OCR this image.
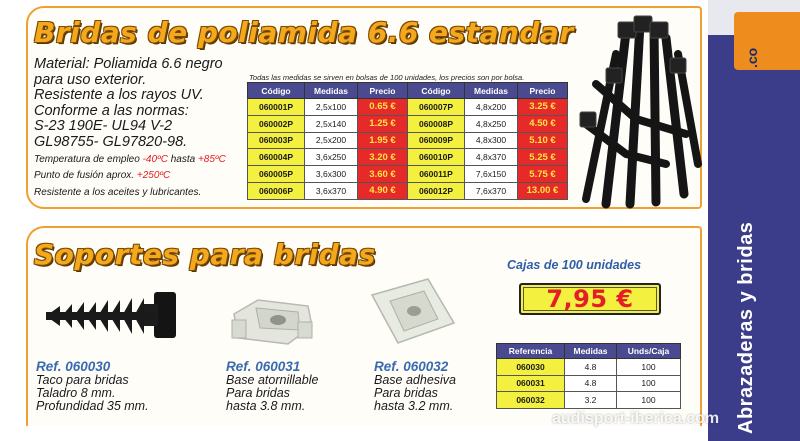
Bridas de poliamida 6.6 estandar
Material: Poliamida 6.6 negro
para uso exterior.
Resistente a los rayos UV.
Conforme a las normas:
S-23 190E- UL94 V-2
GL98755- GL97820-98.
Temperatura de empleo -40ºC hasta +85ºC
Punto de fusión aprox. +250ºC
Resistente a los aceites y lubricantes.
Todas las medidas se sirven en bolsas de 100 unidades, los precios son por bolsa.
Código	Medidas	Precio	Código	Medidas	Precio
060001P	2,5x100	0.65 €	060007P	4,8x200	3.25 €
060002P	2,5x140	1.25 €	060008P	4,8x250	4.50 €
060003P	2,5x200	1.95 €	060009P	4,8x300	5.10 €
060004P	3,6x250	3.20 €	060010P	4,8x370	5.25 €
060005P	3,6x300	3.60 €	060011P	7,6x150	5.75 €
060006P	3,6x370	4.90 €	060012P	7,6x370	13.00 €
Soportes para bridas	Cajas de 100 unidades
7,95 €
Ref. 060030
Taco para bridas
Taladro 8 mm.
Profundidad 35 mm.
Ref. 060031
Base atornillable
Para bridas
hasta 3.8 mm.
Ref. 060032
Base adhesiva
Para bridas
hasta 3.2 mm.
Referencia	Medidas	Unds/Caja
060030	4.8	100
060031	4.8	100
060032	3.2	100
.co
Abrazaderas y bridas
audisport-iberica.com
